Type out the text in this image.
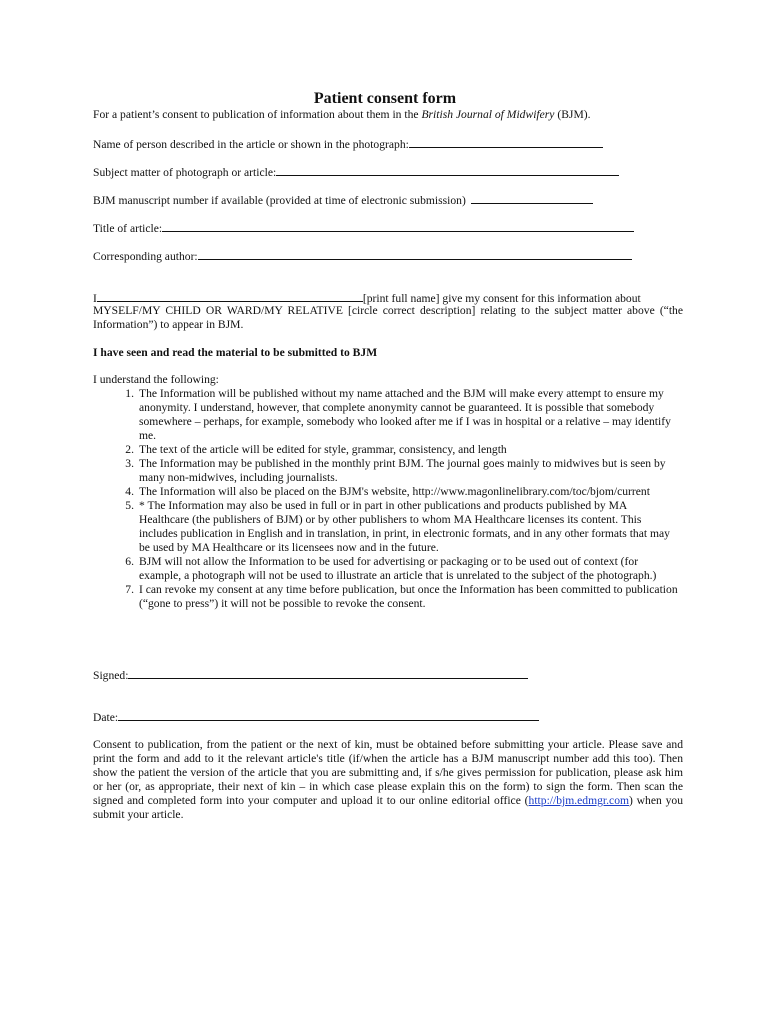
Patient consent form
For a patient’s consent to publication of information about them in the British Journal of Midwifery (BJM).
Name of person described in the article or shown in the photograph:
Subject matter of photograph or article:
BJM manuscript number if available (provided at time of electronic submission)
Title of article:
Corresponding author:
I	[print full name] give my consent for this information about
MYSELF/MY CHILD OR WARD/MY RELATIVE [circle correct description] relating to the subject matter above (“the Information”) to appear in BJM.
I have seen and read the material to be submitted to BJM
I understand the following:
1. The Information will be published without my name attached and the BJM will make every attempt to ensure my anonymity. I understand, however, that complete anonymity cannot be guaranteed. It is possible that somebody somewhere – perhaps, for example, somebody who looked after me if I was in hospital or a relative – may identify me.
2. The text of the article will be edited for style, grammar, consistency, and length
3. The Information may be published in the monthly print BJM. The journal goes mainly to midwives but is seen by many non-midwives, including journalists.
4. The Information will also be placed on the BJM's website, http://www.magonlinelibrary.com/toc/bjom/current
5. * The Information may also be used in full or in part in other publications and products published by MA Healthcare (the publishers of BJM) or by other publishers to whom MA Healthcare licenses its content. This includes publication in English and in translation, in print, in electronic formats, and in any other formats that may be used by MA Healthcare or its licensees now and in the future.
6. BJM will not allow the Information to be used for advertising or packaging or to be used out of context (for example, a photograph will not be used to illustrate an article that is unrelated to the subject of the photograph.)
7. I can revoke my consent at any time before publication, but once the Information has been committed to publication (“gone to press”) it will not be possible to revoke the consent.
Signed:
Date:
Consent to publication, from the patient or the next of kin, must be obtained before submitting your article. Please save and print the form and add to it the relevant article's title (if/when the article has a BJM manuscript number add this too). Then show the patient the version of the article that you are submitting and, if s/he gives permission for publication, please ask him or her (or, as appropriate, their next of kin – in which case please explain this on the form) to sign the form. Then scan the signed and completed form into your computer and upload it to our online editorial office (http://bjm.edmgr.com) when you submit your article.
